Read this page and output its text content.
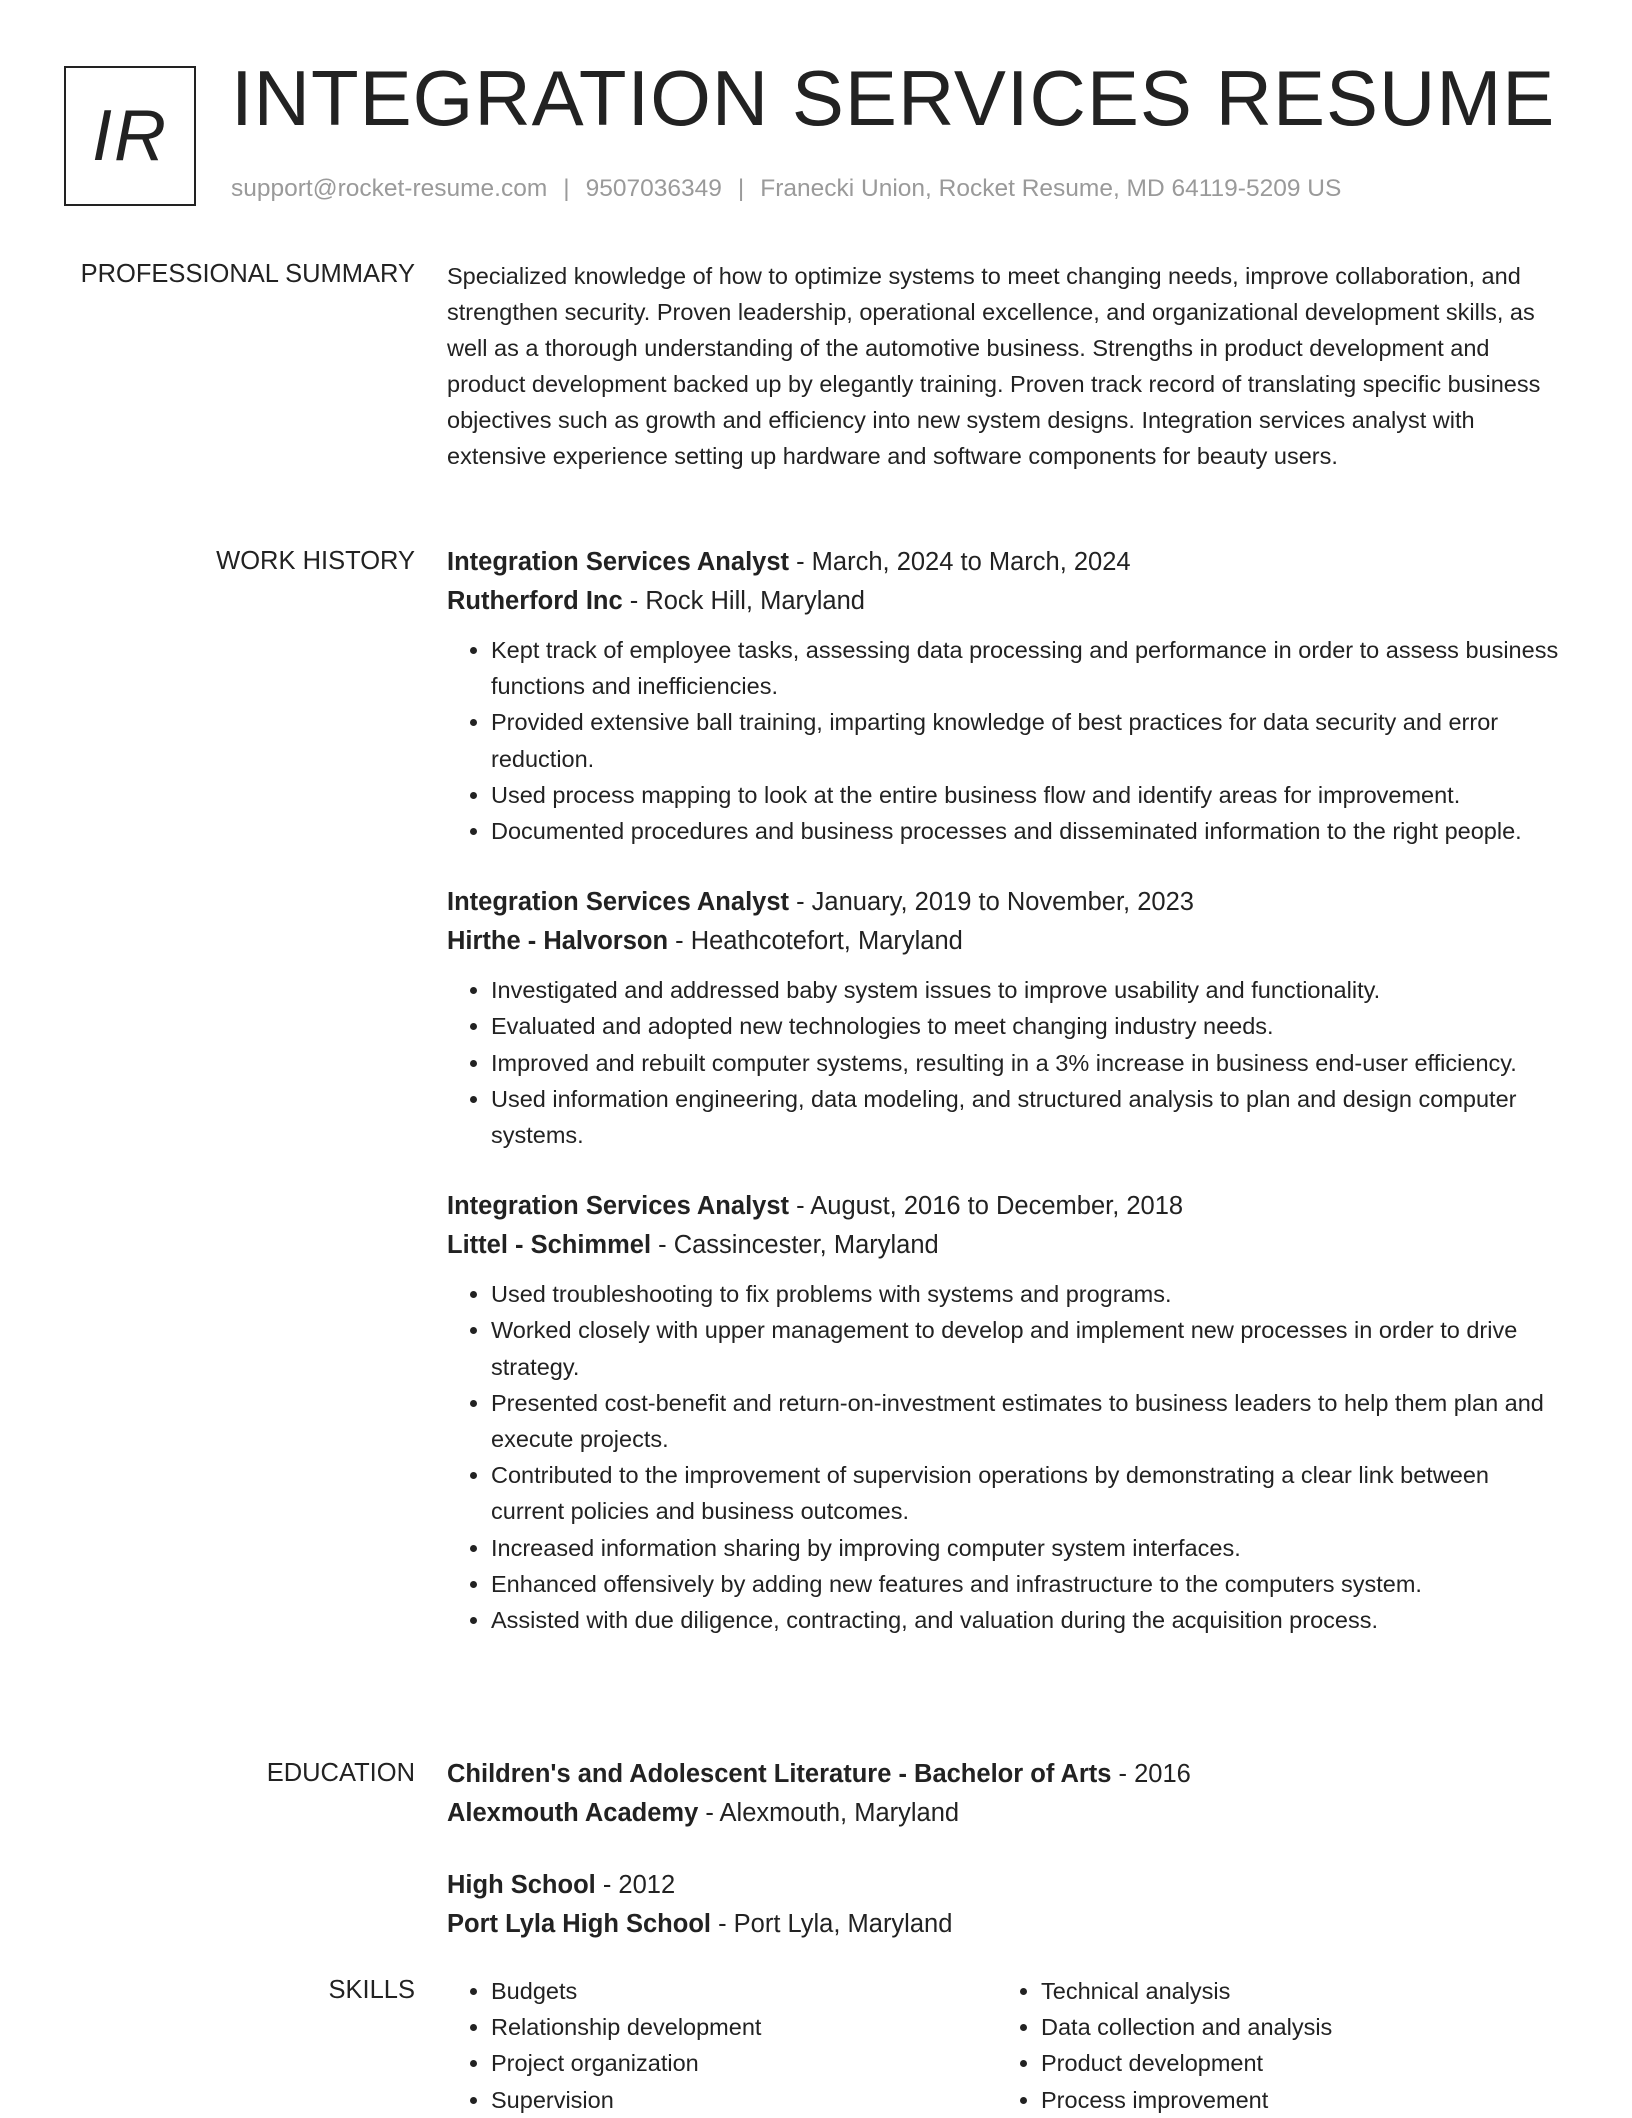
IR INTEGRATION SERVICES RESUME
support@rocket-resume.com | 9507036349 | Franecki Union, Rocket Resume, MD 64119-5209 US
PROFESSIONAL SUMMARY Specialized knowledge of how to optimize systems to meet changing needs, improve collaboration, and strengthen security. Proven leadership, operational excellence, and organizational development skills, as well as a thorough understanding of the automotive business. Strengths in product development and product development backed up by elegantly training. Proven track record of translating specific business objectives such as growth and efficiency into new system designs. Integration services analyst with extensive experience setting up hardware and software components for beauty users.

WORK HISTORY Integration Services Analyst - March, 2024 to March, 2024
Rutherford Inc - Rock Hill, Maryland
• Kept track of employee tasks, assessing data processing and performance in order to assess business functions and inefficiencies.
• Provided extensive ball training, imparting knowledge of best practices for data security and error reduction.
• Used process mapping to look at the entire business flow and identify areas for improvement.
• Documented procedures and business processes and disseminated information to the right people.
Integration Services Analyst - January, 2019 to November, 2023
Hirthe - Halvorson - Heathcotefort, Maryland
• Investigated and addressed baby system issues to improve usability and functionality.
• Evaluated and adopted new technologies to meet changing industry needs.
• Improved and rebuilt computer systems, resulting in a 3% increase in business end-user efficiency.
• Used information engineering, data modeling, and structured analysis to plan and design computer systems.
Integration Services Analyst - August, 2016 to December, 2018
Littel - Schimmel - Cassincester, Maryland
• Used troubleshooting to fix problems with systems and programs.
• Worked closely with upper management to develop and implement new processes in order to drive strategy.
• Presented cost-benefit and return-on-investment estimates to business leaders to help them plan and execute projects.
• Contributed to the improvement of supervision operations by demonstrating a clear link between current policies and business outcomes.
• Increased information sharing by improving computer system interfaces.
• Enhanced offensively by adding new features and infrastructure to the computers system.
• Assisted with due diligence, contracting, and valuation during the acquisition process.
EDUCATION Children's and Adolescent Literature - Bachelor of Arts - 2016
Alexmouth Academy - Alexmouth, Maryland
High School - 2012
Port Lyla High School - Port Lyla, Maryland
SKILLS
•	Budgets
• Relationship development
• Project organization
• Supervision
• Technical analysis
• Data collection and analysis
• Product development
• Process improvement
